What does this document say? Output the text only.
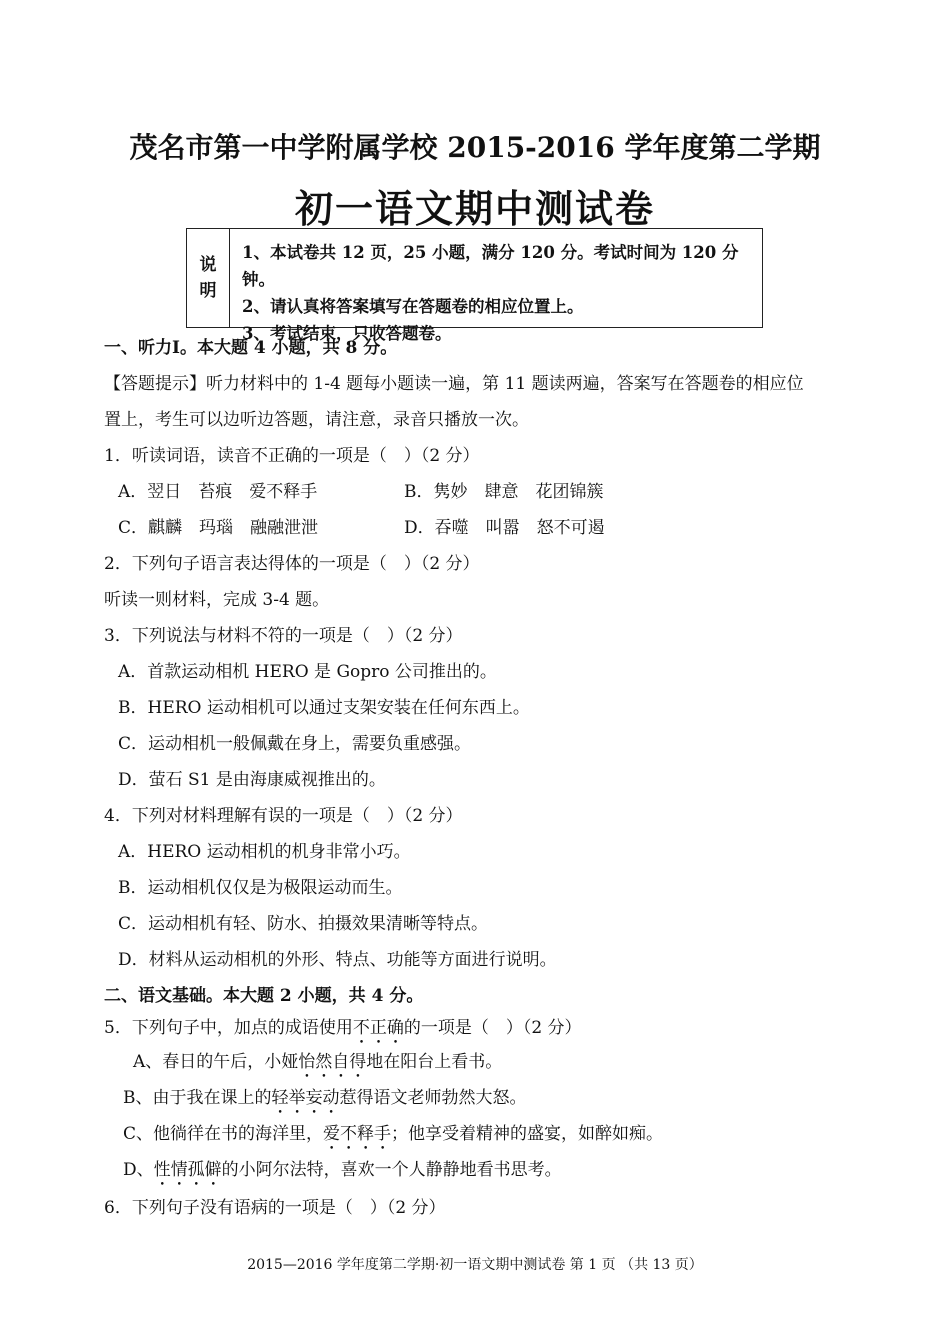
茂名市第一中学附属学校 2015-2016 学年度第二学期
初一语文期中测试卷
说
明
1、本试卷共 12 页，25 小题，满分 120 分。考试时间为 120 分钟。
2、请认真将答案填写在答题卷的相应位置上。
3、考试结束，只收答题卷。
一、听力Ⅰ。本大题 4 小题，共 8 分。
【答题提示】听力材料中的 1-4 题每小题读一遍，第 11 题读两遍，答案写在答题卷的相应位
置上，考生可以边听边答题，请注意，录音只播放一次。
1．听读词语，读音不正确的一项是（　）（2 分）
A．翌日　苔痕　爱不释手	B．隽妙　肆意　花团锦簇
C．麒麟　玛瑙　融融泄泄	D．吞噬　叫嚣　怒不可遏
2．下列句子语言表达得体的一项是（　）（2 分）
听读一则材料，完成 3-4 题。
3．下列说法与材料不符的一项是（　）（2 分）
A．首款运动相机 HERO 是 Gopro 公司推出的。
B．HERO 运动相机可以通过支架安装在任何东西上。
C．运动相机一般佩戴在身上，需要负重感强。
D．萤石 S1 是由海康威视推出的。
4．下列对材料理解有误的一项是（　）（2 分）
A．HERO 运动相机的机身非常小巧。
B．运动相机仅仅是为极限运动而生。
C．运动相机有轻、防水、拍摄效果清晰等特点。
D．材料从运动相机的外形、特点、功能等方面进行说明。
二、语文基础。本大题 2 小题，共 4 分。
5．下列句子中，加点的成语使用不正确的一项是（　）（2 分）
A、春日的午后，小娅怡然自得地在阳台上看书。
B、由于我在课上的轻举妄动惹得语文老师勃然大怒。
C、他徜徉在书的海洋里，爱不释手；他享受着精神的盛宴，如醉如痴。
D、性情孤僻的小阿尔法特，喜欢一个人静静地看书思考。
6．下列句子没有语病的一项是（　）（2 分）
2015—2016 学年度第二学期·初一语文期中测试卷 第 1 页 （共 13 页）
